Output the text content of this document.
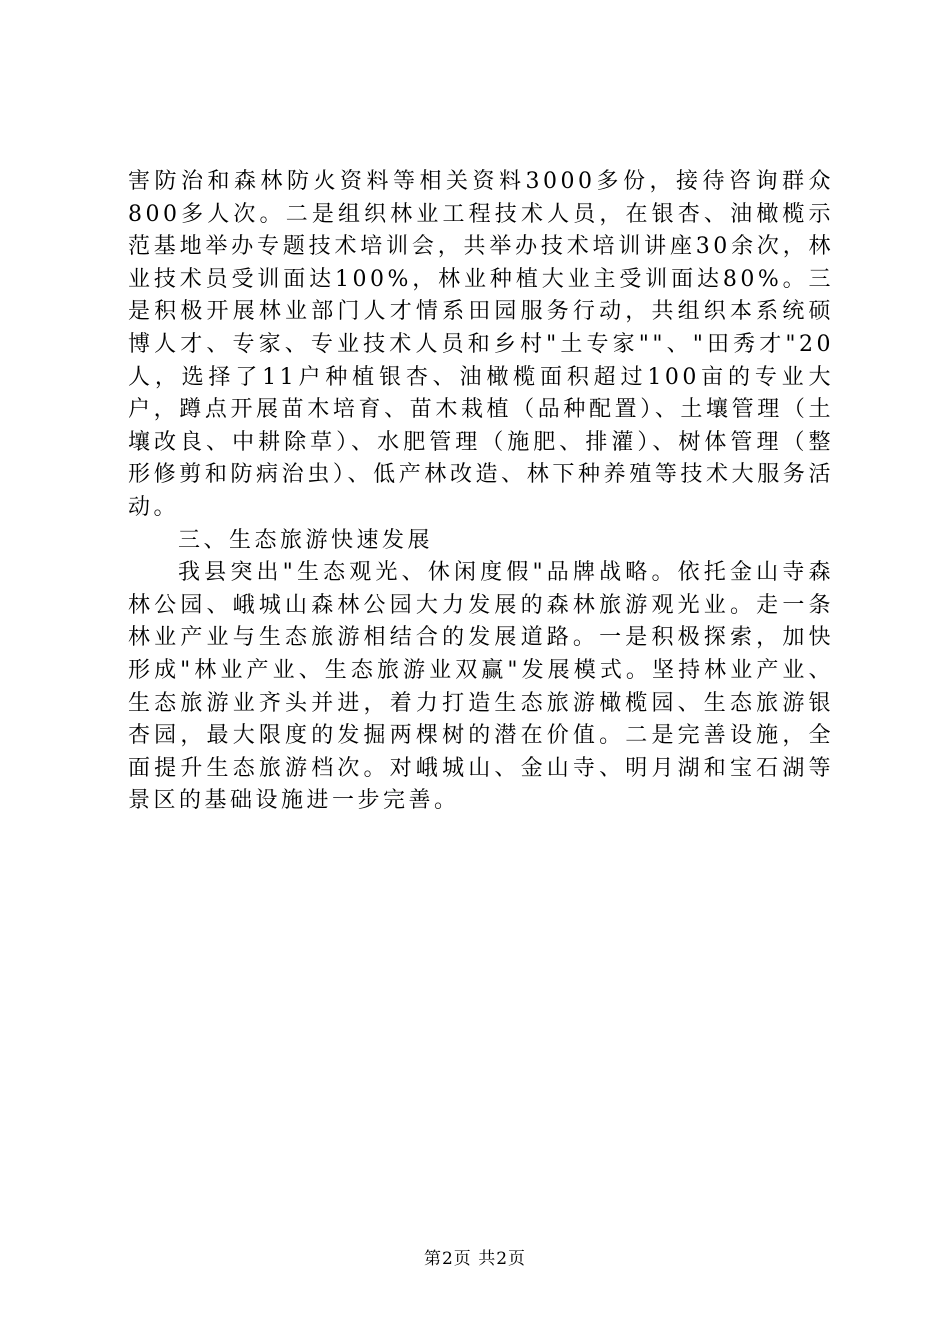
害防治和森林防火资料等相关资料3000多份，接待咨询群众800多人次。二是组织林业工程技术人员，在银杏、油橄榄示范基地举办专题技术培训会，共举办技术培训讲座30余次，林业技术员受训面达100%，林业种植大业主受训面达80%。三是积极开展林业部门人才情系田园服务行动，共组织本系统硕博人才、专家、专业技术人员和乡村"土专家""、"田秀才"20人，选择了11户种植银杏、油橄榄面积超过100亩的专业大户，蹲点开展苗木培育、苗木栽植（品种配置）、土壤管理（土壤改良、中耕除草）、水肥管理（施肥、排灌）、树体管理（整形修剪和防病治虫）、低产林改造、林下种养殖等技术大服务活动。

三、生态旅游快速发展

我县突出"生态观光、休闲度假"品牌战略。依托金山寺森林公园、峨城山森林公园大力发展的森林旅游观光业。走一条林业产业与生态旅游相结合的发展道路。一是积极探索，加快形成"林业产业、生态旅游业双赢"发展模式。坚持林业产业、生态旅游业齐头并进，着力打造生态旅游橄榄园、生态旅游银杏园，最大限度的发掘两棵树的潜在价值。二是完善设施，全面提升生态旅游档次。对峨城山、金山寺、明月湖和宝石湖等景区的基础设施进一步完善。

第2页 共2页
